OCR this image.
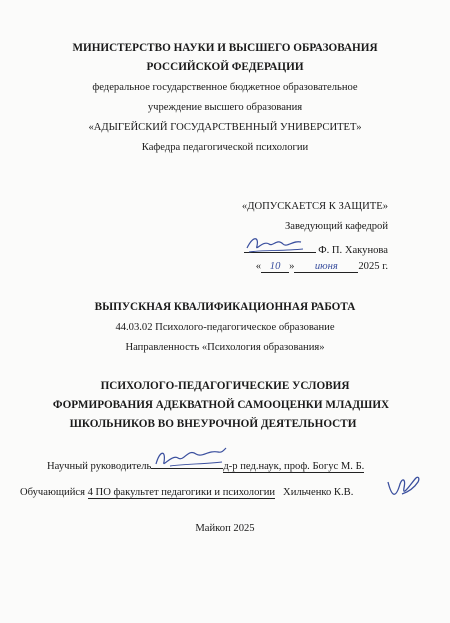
МИНИСТЕРСТВО НАУКИ И ВЫСШЕГО ОБРАЗОВАНИЯ
РОССИЙСКОЙ ФЕДЕРАЦИИ
федеральное государственное бюджетное образовательное
учреждение высшего образования
«АДЫГЕЙСКИЙ ГОСУДАРСТВЕННЫЙ УНИВЕРСИТЕТ»
Кафедра педагогической психологии
«ДОПУСКАЕТСЯ К ЗАЩИТЕ»
Заведующий кафедрой
Ф. П. Хакунова
« 10 » июня 2025 г.
ВЫПУСКНАЯ КВАЛИФИКАЦИОННАЯ РАБОТА
44.03.02 Психолого-педагогическое образование
Направленность «Психология образования»
ПСИХОЛОГО-ПЕДАГОГИЧЕСКИЕ УСЛОВИЯ
ФОРМИРОВАНИЯ АДЕКВАТНОЙ САМООЦЕНКИ МЛАДШИХ
ШКОЛЬНИКОВ ВО ВНЕУРОЧНОЙ ДЕЯТЕЛЬНОСТИ
Научный руководитель	д-р пед.наук, проф. Богус М. Б.
Обучающийся 4 ПО факультет педагогики и психологии Хильченко К.В.
Майкоп 2025
